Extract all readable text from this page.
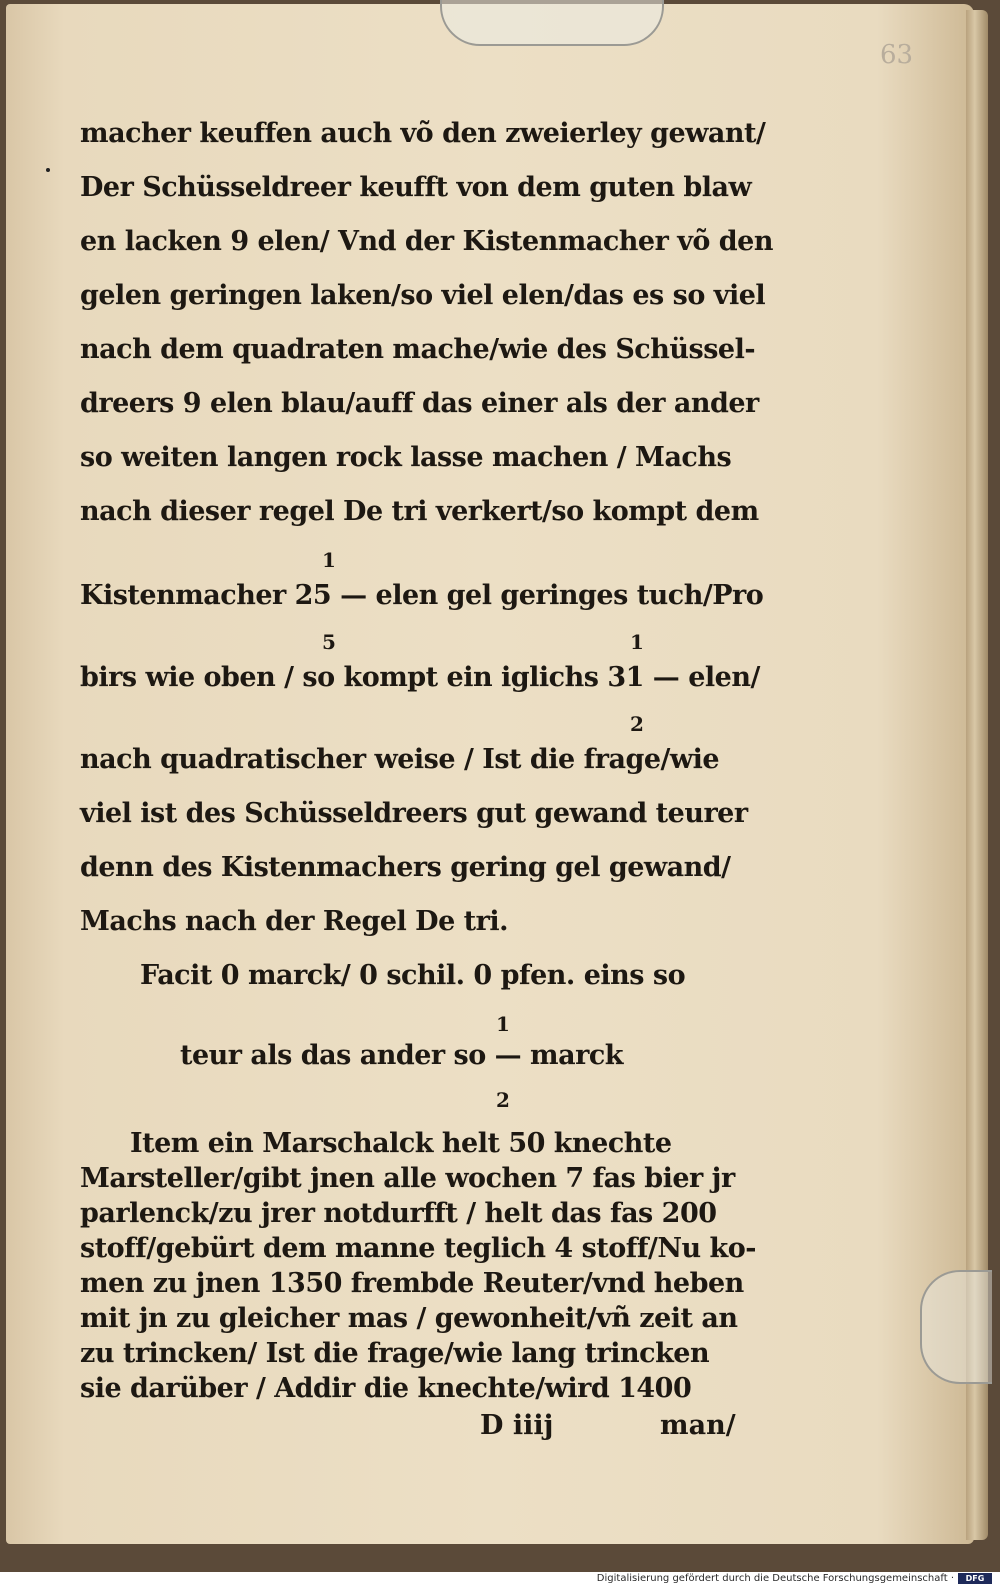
63
macher keuffen auch võ den zweierley gewant/
Der Schüsseldreer keufft von dem guten blaw
en lacken 9 elen/ Vnd der Kistenmacher võ den
gelen geringen laken/so viel elen/das es so viel
nach dem quadraten mache/wie des Schüssel-
dreers 9 elen blau/auff das einer als der ander
so weiten langen rock lasse machen / Machs
nach dieser regel De tri verkert/so kompt dem
1
Kistenmacher 25 — elen gel geringes tuch/Pro
5	1
birs wie oben / so kompt ein iglichs 31 — elen/
2
nach quadratischer weise / Ist die frage/wie
viel ist des Schüsseldreers gut gewand teurer
denn des Kistenmachers gering gel gewand/
Machs nach der Regel De tri.
Facit 0 marck/ 0 schil. 0 pfen. eins so
1
teur als das ander so — marck
2
Item ein Marschalck helt 50 knechte
Marsteller/gibt jnen alle wochen 7 fas bier jr
parlenck/zu jrer notdurfft / helt das fas 200
stoff/gebürt dem manne teglich 4 stoff/Nu ko-
men zu jnen 1350 frembde Reuter/vnd heben
mit jn zu gleicher mas / gewonheit/vñ zeit an
zu trincken/ Ist die frage/wie lang trincken
sie darüber / Addir die knechte/wird 1400
D iiij	man/
Digitalisierung gefördert durch die Deutsche Forschungsgemeinschaft ·	DFG
